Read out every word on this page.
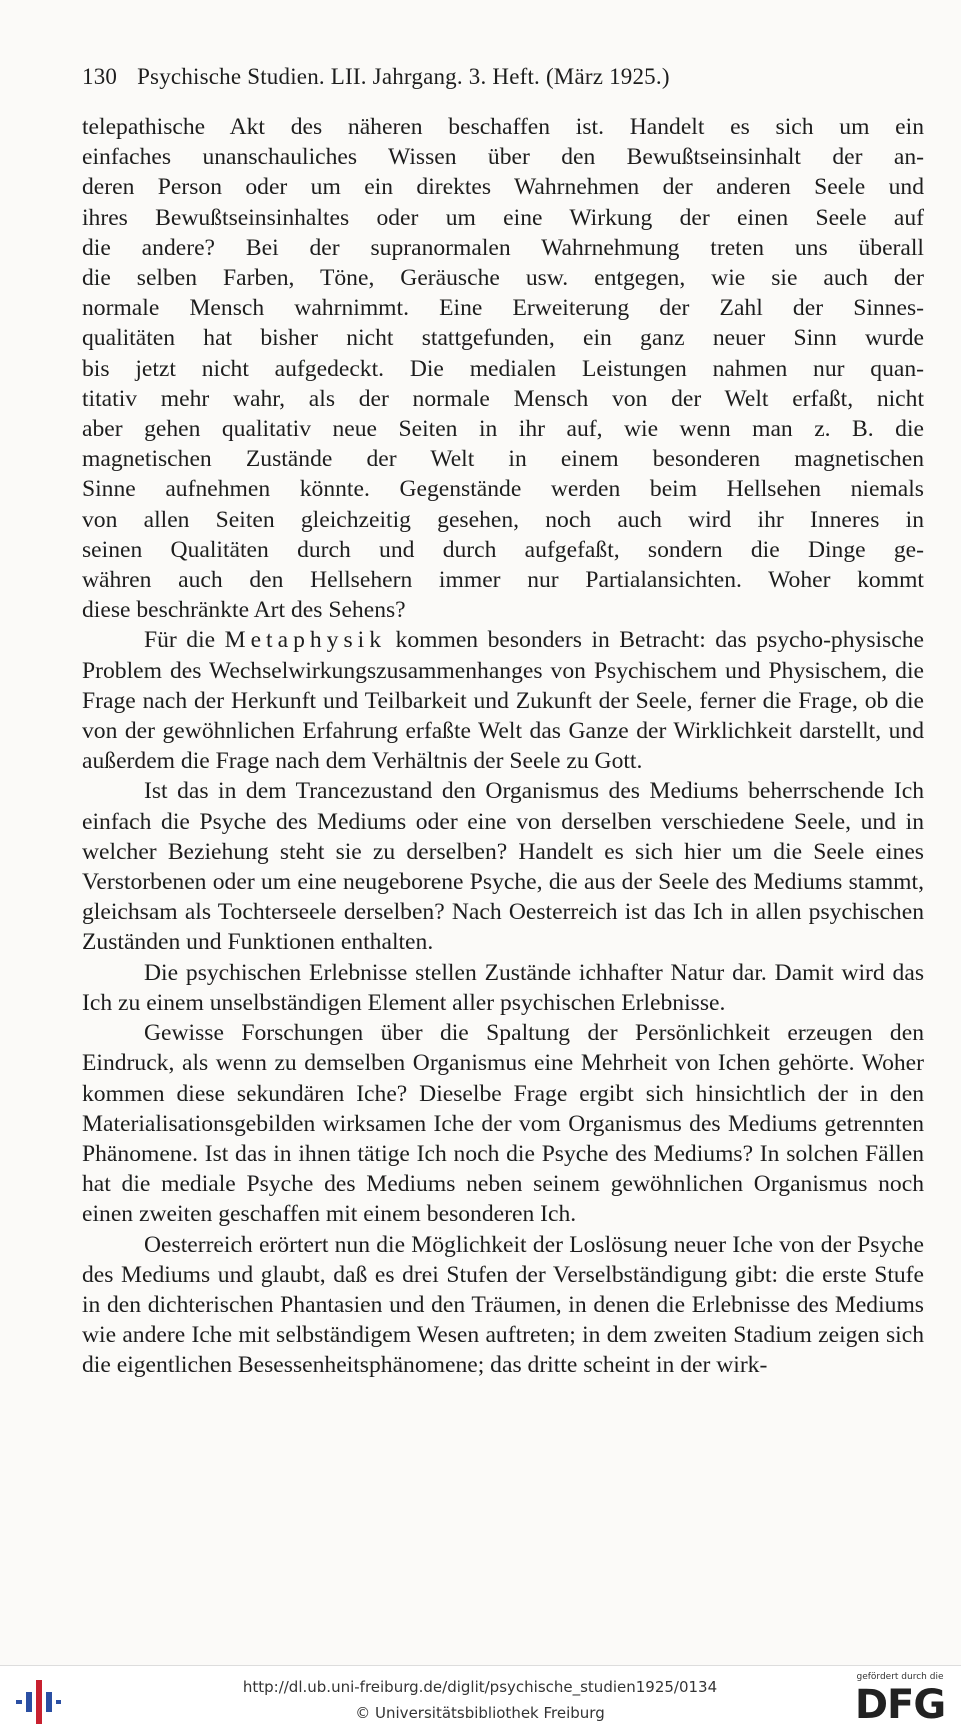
130 Psychische Studien. LII. Jahrgang. 3. Heft. (März 1925.)

telepathische Akt des näheren beschaffen ist. Handelt es sich um ein
einfaches unanschauliches Wissen über den Bewußtseinsinhalt der an-
deren Person oder um ein direktes Wahrnehmen der anderen Seele und
ihres Bewußtseinsinhaltes oder um eine Wirkung der einen Seele auf
die andere? Bei der supranormalen Wahrnehmung treten uns überall
die selben Farben, Töne, Geräusche usw. entgegen, wie sie auch der
normale Mensch wahrnimmt. Eine Erweiterung der Zahl der Sinnes-
qualitäten hat bisher nicht stattgefunden, ein ganz neuer Sinn wurde
bis jetzt nicht aufgedeckt. Die medialen Leistungen nahmen nur quan-
titativ mehr wahr, als der normale Mensch von der Welt erfaßt, nicht
aber gehen qualitativ neue Seiten in ihr auf, wie wenn man z. B. die
magnetischen Zustände der Welt in einem besonderen magnetischen
Sinne aufnehmen könnte. Gegenstände werden beim Hellsehen niemals
von allen Seiten gleichzeitig gesehen, noch auch wird ihr Inneres in
seinen Qualitäten durch und durch aufgefaßt, sondern die Dinge ge-
währen auch den Hellsehern immer nur Partialansichten. Woher kommt
diese beschränkte Art des Sehens?

Für die Metaphysik kommen besonders in Betracht: das psycho-physische Problem des Wechselwirkungszusammenhanges von Psychischem und Physischem, die Frage nach der Herkunft und Teilbarkeit und Zukunft der Seele, ferner die Frage, ob die von der gewöhnlichen Erfahrung erfaßte Welt das Ganze der Wirklichkeit darstellt, und außerdem die Frage nach dem Verhältnis der Seele zu Gott.

Ist das in dem Trancezustand den Organismus des Mediums beherrschende Ich einfach die Psyche des Mediums oder eine von derselben verschiedene Seele, und in welcher Beziehung steht sie zu derselben? Handelt es sich hier um die Seele eines Verstorbenen oder um eine neugeborene Psyche, die aus der Seele des Mediums stammt, gleichsam als Tochterseele derselben? Nach Oesterreich ist das Ich in allen psychischen Zuständen und Funktionen enthalten.

Die psychischen Erlebnisse stellen Zustände ichhafter Natur dar. Damit wird das Ich zu einem unselbständigen Element aller psychischen Erlebnisse.

Gewisse Forschungen über die Spaltung der Persönlichkeit erzeugen den Eindruck, als wenn zu demselben Organismus eine Mehrheit von Ichen gehörte. Woher kommen diese sekundären Iche? Dieselbe Frage ergibt sich hinsichtlich der in den Materialisationsgebilden wirksamen Iche der vom Organismus des Mediums getrennten Phänomene. Ist das in ihnen tätige Ich noch die Psyche des Mediums? In solchen Fällen hat die mediale Psyche des Mediums neben seinem gewöhnlichen Organismus noch einen zweiten geschaffen mit einem besonderen Ich.

Oesterreich erörtert nun die Möglichkeit der Loslösung neuer Iche von der Psyche des Mediums und glaubt, daß es drei Stufen der Verselbständigung gibt: die erste Stufe in den dichterischen Phantasien und den Träumen, in denen die Erlebnisse des Mediums wie andere Iche mit selbständigem Wesen auftreten; in dem zweiten Stadium zeigen sich die eigentlichen Besessenheitsphänomene; das dritte scheint in der wirk-

http://dl.ub.uni-freiburg.de/diglit/psychische_studien1925/0134
© Universitätsbibliothek Freiburg
gefördert durch die
DFG
